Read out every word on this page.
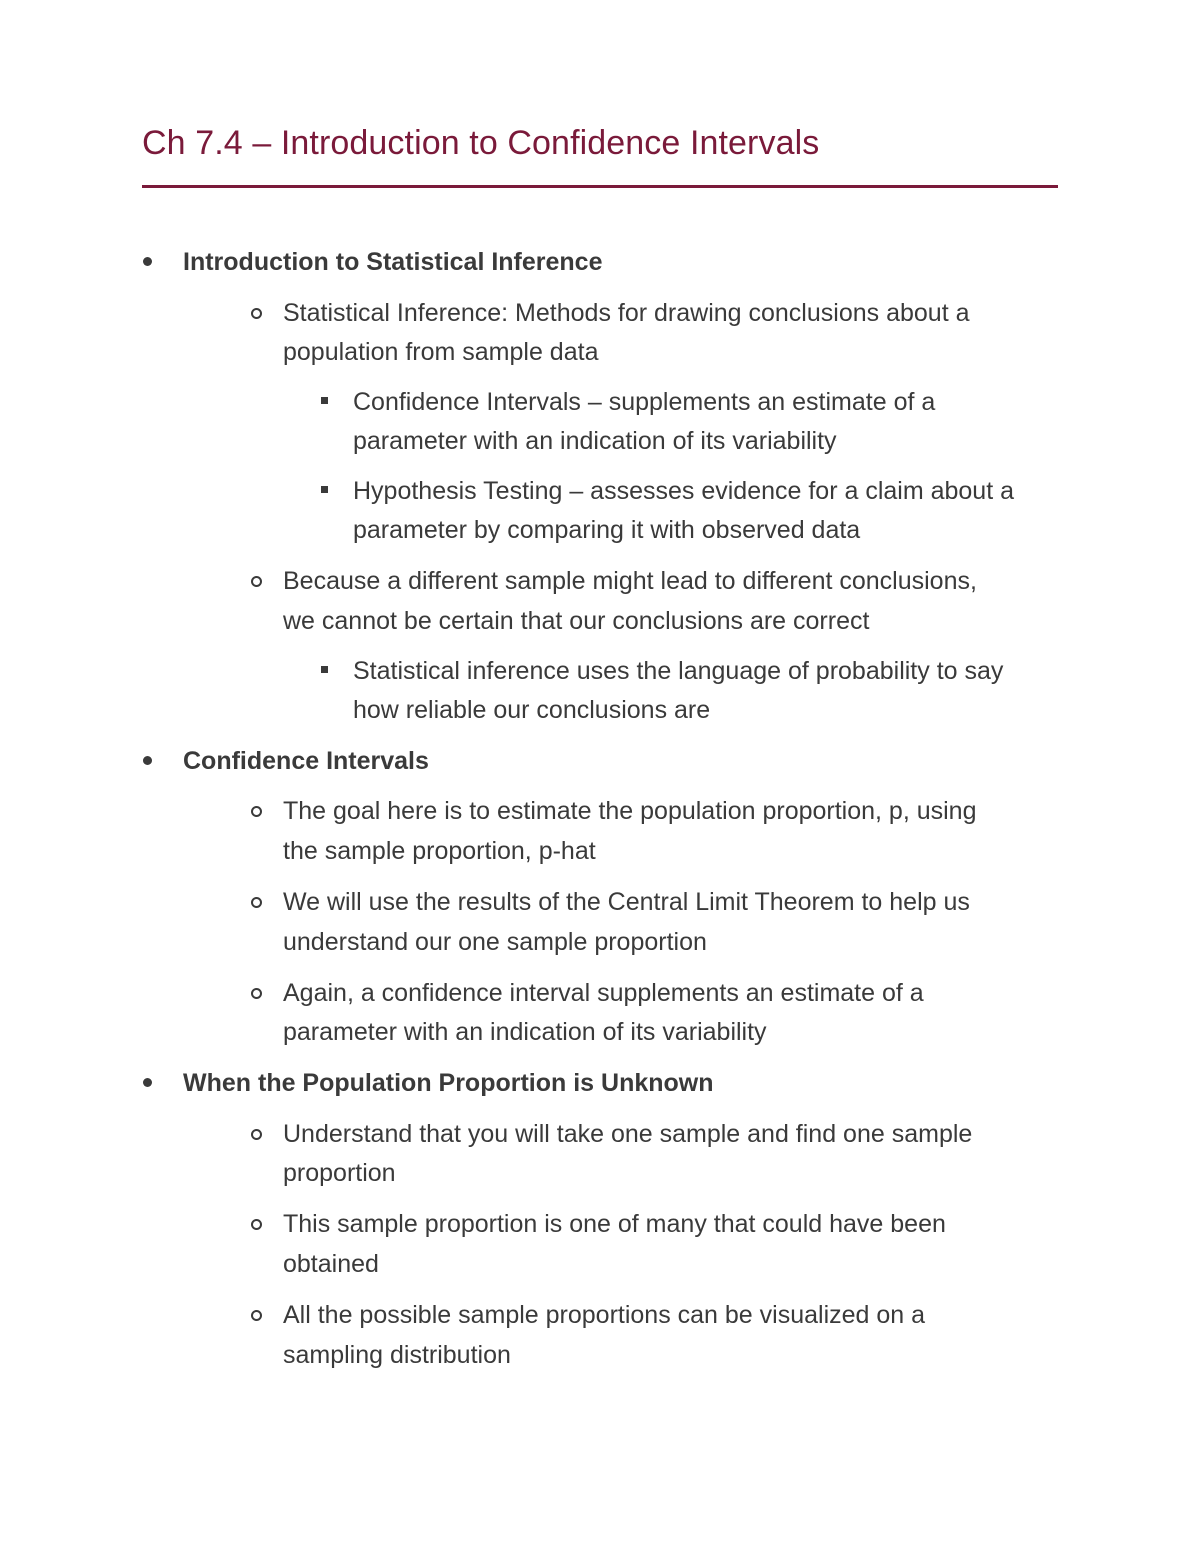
Ch 7.4 – Introduction to Confidence Intervals
Introduction to Statistical Inference
Statistical Inference: Methods for drawing conclusions about a
population from sample data
Confidence Intervals – supplements an estimate of a
parameter with an indication of its variability
Hypothesis Testing – assesses evidence for a claim about a
parameter by comparing it with observed data
Because a different sample might lead to different conclusions,
we cannot be certain that our conclusions are correct
Statistical inference uses the language of probability to say
how reliable our conclusions are
Confidence Intervals
The goal here is to estimate the population proportion, p, using
the sample proportion, p-hat
We will use the results of the Central Limit Theorem to help us
understand our one sample proportion
Again, a confidence interval supplements an estimate of a
parameter with an indication of its variability
When the Population Proportion is Unknown
Understand that you will take one sample and find one sample
proportion
This sample proportion is one of many that could have been
obtained
All the possible sample proportions can be visualized on a
sampling distribution
